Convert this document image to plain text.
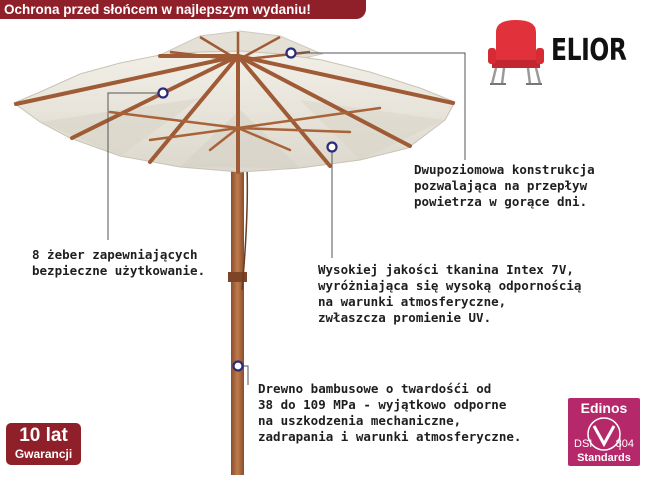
Ochrona przed słońcem w najlepszym wydaniu!
ELIOR
Dwupoziomowa konstrukcja
pozwalająca na przepływ
powietrza w gorące dni.
8 żeber zapewniających
bezpieczne użytkowanie.	Wysokiej jakości tkanina Intex 7V,
wyróżniająca się wysoką odpornością
na warunki atmosferyczne,
zwłaszcza promienie UV.
Drewno bambusowe o twardośći od
38 do 109 MPa - wyjątkowo odporne
na uszkodzenia mechaniczne,
zadrapania i warunki atmosferyczne.
10 lat
Gwarancji
Edinos
DSI 804
Standards
